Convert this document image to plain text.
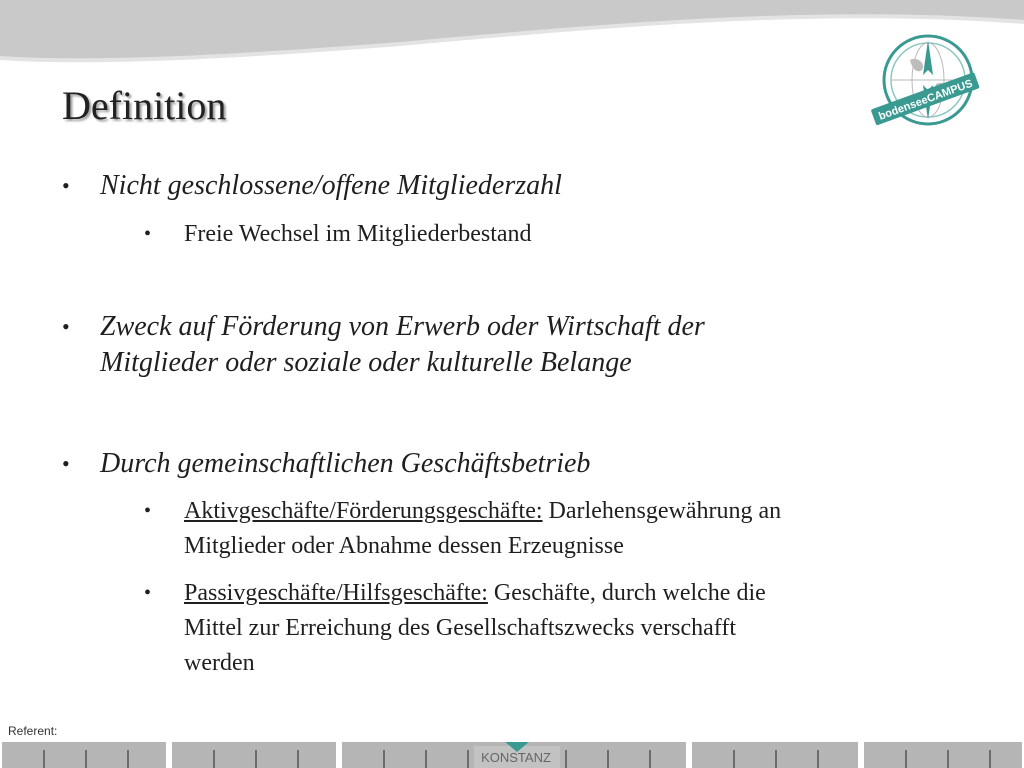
bodenseeCAMPUS
Definition
• Nicht geschlossene/offene Mitgliederzahl
• Freie Wechsel im Mitgliederbestand
• Zweck auf Förderung von Erwerb oder Wirtschaft der
Mitglieder oder soziale oder kulturelle Belange
• Durch gemeinschaftlichen Geschäftsbetrieb
• Aktivgeschäfte/Förderungsgeschäfte: Darlehensgewährung an
Mitglieder oder Abnahme dessen Erzeugnisse
• Passivgeschäfte/Hilfsgeschäfte: Geschäfte, durch welche die
Mittel zur Erreichung des Gesellschaftszwecks verschafft
werden
Referent:
KONSTANZ
